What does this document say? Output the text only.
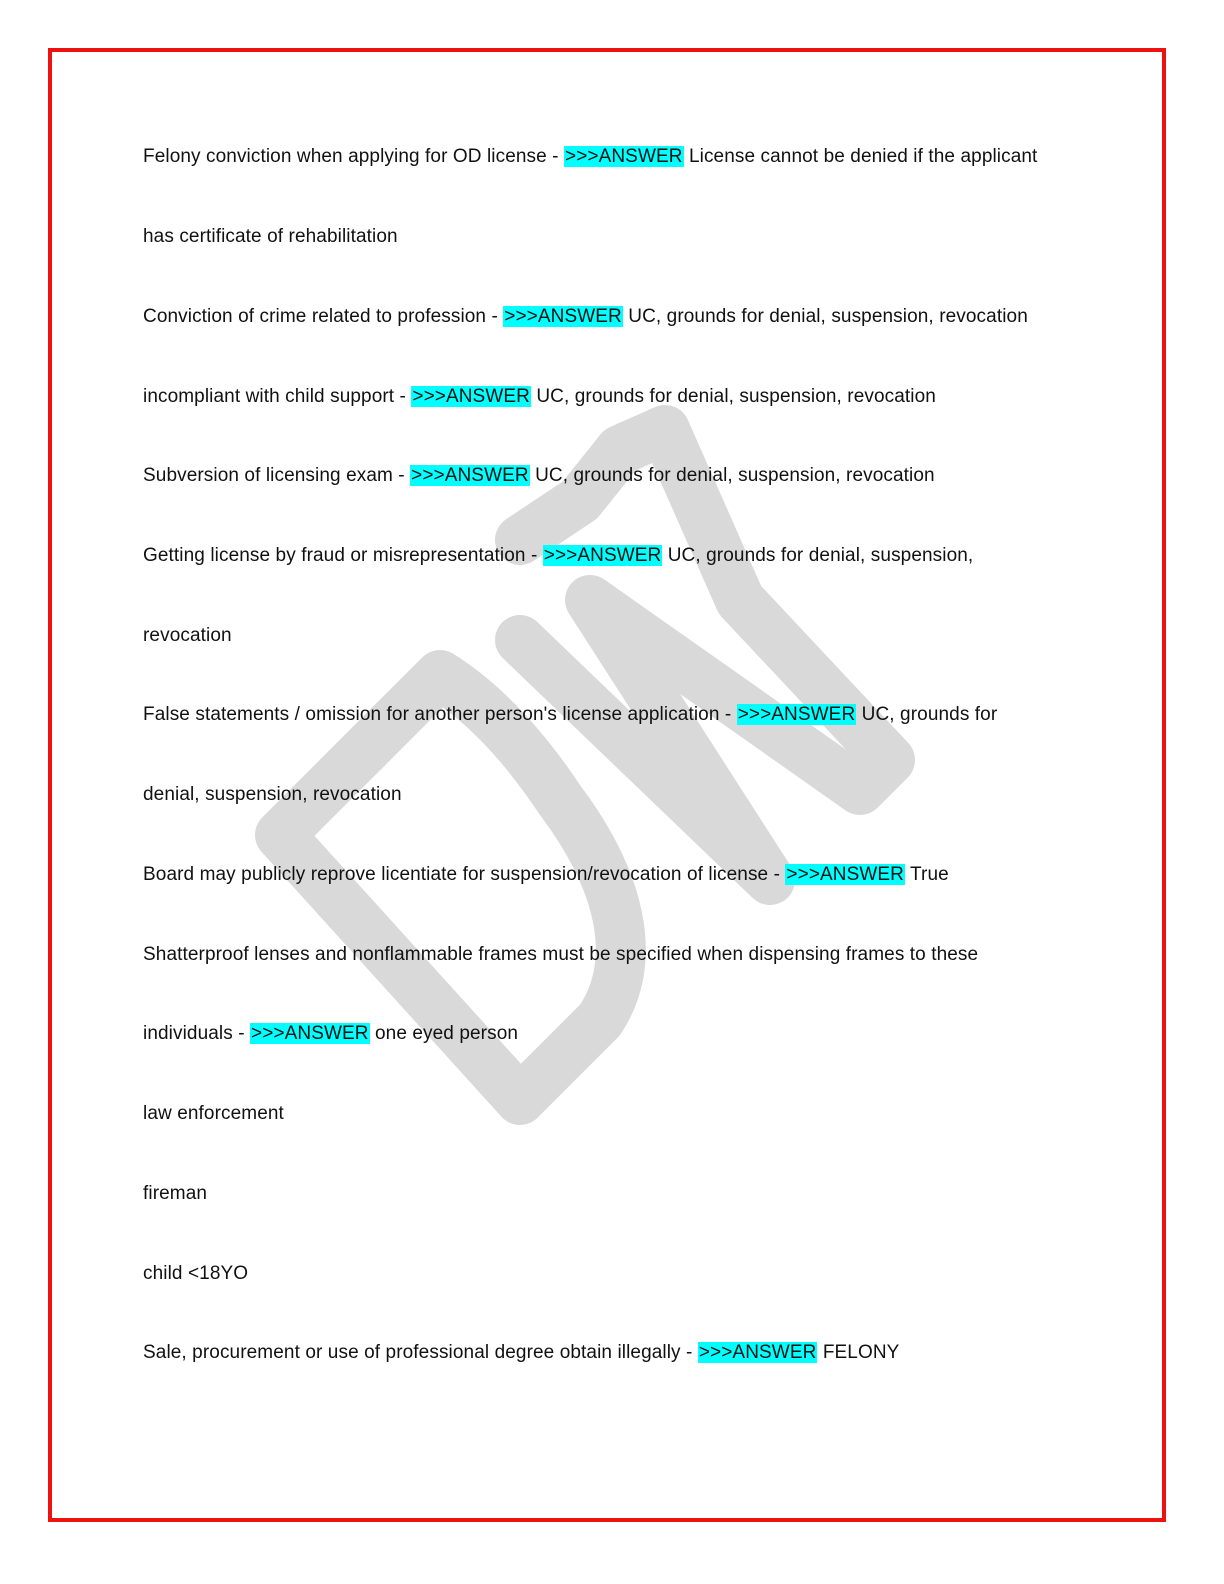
Felony conviction when applying for OD license - >>>ANSWER License cannot be denied if the applicant
has certificate of rehabilitation
Conviction of crime related to profession - >>>ANSWER UC, grounds for denial, suspension, revocation
incompliant with child support - >>>ANSWER UC, grounds for denial, suspension, revocation
Subversion of licensing exam - >>>ANSWER UC, grounds for denial, suspension, revocation
Getting license by fraud or misrepresentation - >>>ANSWER UC, grounds for denial, suspension,
revocation
False statements / omission for another person's license application - >>>ANSWER UC, grounds for
denial, suspension, revocation
Board may publicly reprove licentiate for suspension/revocation of license - >>>ANSWER True
Shatterproof lenses and nonflammable frames must be specified when dispensing frames to these
individuals - >>>ANSWER one eyed person
law enforcement
fireman
child <18YO
Sale, procurement or use of professional degree obtain illegally - >>>ANSWER FELONY
